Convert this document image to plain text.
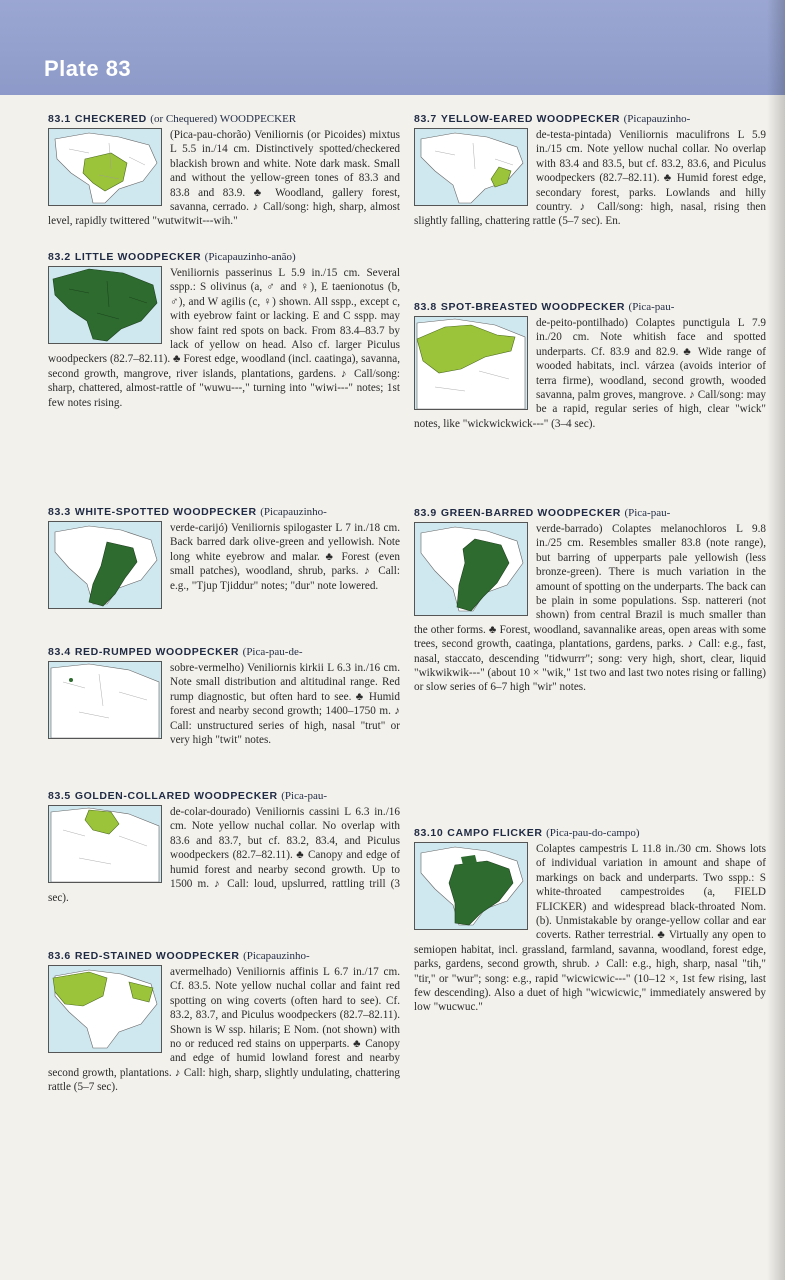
Plate 83
83.1 CHECKERED (or Chequered) WOODPECKER

(Pica-pau-chorão) Veniliornis (or Picoides) mixtus L 5.5 in./14 cm. Distinctively spotted/checkered blackish brown and white. Note dark mask. Small and without the yellow-green tones of 83.3 and 83.8 and 83.9. ♣ Woodland, gallery forest, savanna, cerrado. ♪ Call/song: high, sharp, almost level, rapidly twittered "wutwitwit---wih."

83.2 LITTLE WOODPECKER (Picapauzinho-anão)

Veniliornis passerinus L 5.9 in./15 cm. Several sspp.: S olivinus (a, ♂ and ♀), E taenionotus (b, ♂), and W agilis (c, ♀) shown. All sspp., except c, with eyebrow faint or lacking. E and C sspp. may show faint red spots on back. From 83.4–83.7 by lack of yellow on head. Also cf. larger Piculus woodpeckers (82.7–82.11). ♣ Forest edge, woodland (incl. caatinga), savanna, second growth, mangrove, river islands, plantations, gardens. ♪ Call/song: sharp, chattered, almost-rattle of "wuwu---," turning into "wiwi---" notes; 1st few notes rising.

83.3 WHITE-SPOTTED WOODPECKER (Picapauzinho-

verde-carijó) Veniliornis spilogaster L 7 in./18 cm. Back barred dark olive-green and yellowish. Note long white eyebrow and malar. ♣ Forest (even small patches), woodland, shrub, parks. ♪ Call: e.g., "Tjup Tjiddur" notes; "dur" note lowered.

83.4 RED-RUMPED WOODPECKER (Pica-pau-de-

sobre-vermelho) Veniliornis kirkii L 6.3 in./16 cm. Note small distribution and altitudinal range. Red rump diagnostic, but often hard to see. ♣ Humid forest and nearby second growth; 1400–1750 m. ♪ Call: unstructured series of high, nasal "trut" or very high "twit" notes.

83.5 GOLDEN-COLLARED WOODPECKER (Pica-pau-

de-colar-dourado) Veniliornis cassini L 6.3 in./16 cm. Note yellow nuchal collar. No overlap with 83.6 and 83.7, but cf. 83.2, 83.4, and Piculus woodpeckers (82.7–82.11). ♣ Canopy and edge of humid forest and nearby second growth. Up to 1500 m. ♪ Call: loud, upslurred, rattling trill (3 sec).

83.6 RED-STAINED WOODPECKER (Picapauzinho-

avermelhado) Veniliornis affinis L 6.7 in./17 cm. Cf. 83.5. Note yellow nuchal collar and faint red spotting on wing coverts (often hard to see). Cf. 83.2, 83.7, and Piculus woodpeckers (82.7–82.11). Shown is W ssp. hilaris; E Nom. (not shown) with no or reduced red stains on upperparts. ♣ Canopy and edge of humid lowland forest and nearby second growth, plantations. ♪ Call: high, sharp, slightly undulating, chattering rattle (5–7 sec).

83.7 YELLOW-EARED WOODPECKER (Picapauzinho-

de-testa-pintada) Veniliornis maculifrons L 5.9 in./15 cm. Note yellow nuchal collar. No overlap with 83.4 and 83.5, but cf. 83.2, 83.6, and Piculus woodpeckers (82.7–82.11). ♣ Humid forest edge, secondary forest, parks. Lowlands and hilly country. ♪ Call/song: high, nasal, rising then slightly falling, chattering rattle (5–7 sec). En.

83.8 SPOT-BREASTED WOODPECKER (Pica-pau-

de-peito-pontilhado) Colaptes punctigula L 7.9 in./20 cm. Note whitish face and spotted underparts. Cf. 83.9 and 82.9. ♣ Wide range of wooded habitats, incl. várzea (avoids interior of terra firme), woodland, second growth, wooded savanna, palm groves, mangrove. ♪ Call/song: may be a rapid, regular series of high, clear "wick" notes, like "wickwickwick---" (3–4 sec).

83.9 GREEN-BARRED WOODPECKER (Pica-pau-

verde-barrado) Colaptes melanochloros L 9.8 in./25 cm. Resembles smaller 83.8 (note range), but barring of upperparts pale yellowish (less bronze-green). There is much variation in the amount of spotting on the underparts. The back can be plain in some populations. Ssp. nattereri (not shown) from central Brazil is much smaller than the other forms. ♣ Forest, woodland, savannalike areas, open areas with some trees, second growth, caatinga, plantations, gardens, parks. ♪ Call: e.g., fast, nasal, staccato, descending "tidwurrr"; song: very high, short, clear, liquid "wikwikwik---" (about 10 × "wik," 1st two and last two notes rising or falling) or slow series of 6–7 high "wir" notes.

83.10 CAMPO FLICKER (Pica-pau-do-campo)

Colaptes campestris L 11.8 in./30 cm. Shows lots of individual variation in amount and shape of markings on back and underparts. Two sspp.: S white-throated campestroides (a, FIELD FLICKER) and widespread black-throated Nom. (b). Unmistakable by orange-yellow collar and ear coverts. Rather terrestrial. ♣ Virtually any open to semiopen habitat, incl. grassland, farmland, savanna, woodland, forest edge, parks, gardens, second growth, shrub. ♪ Call: e.g., high, sharp, nasal "tih," "tir," or "wur"; song: e.g., rapid "wicwicwic---" (10–12 ×, 1st few rising, last few descending). Also a duet of high "wicwicwic," immediately answered by low "wucwuc."
